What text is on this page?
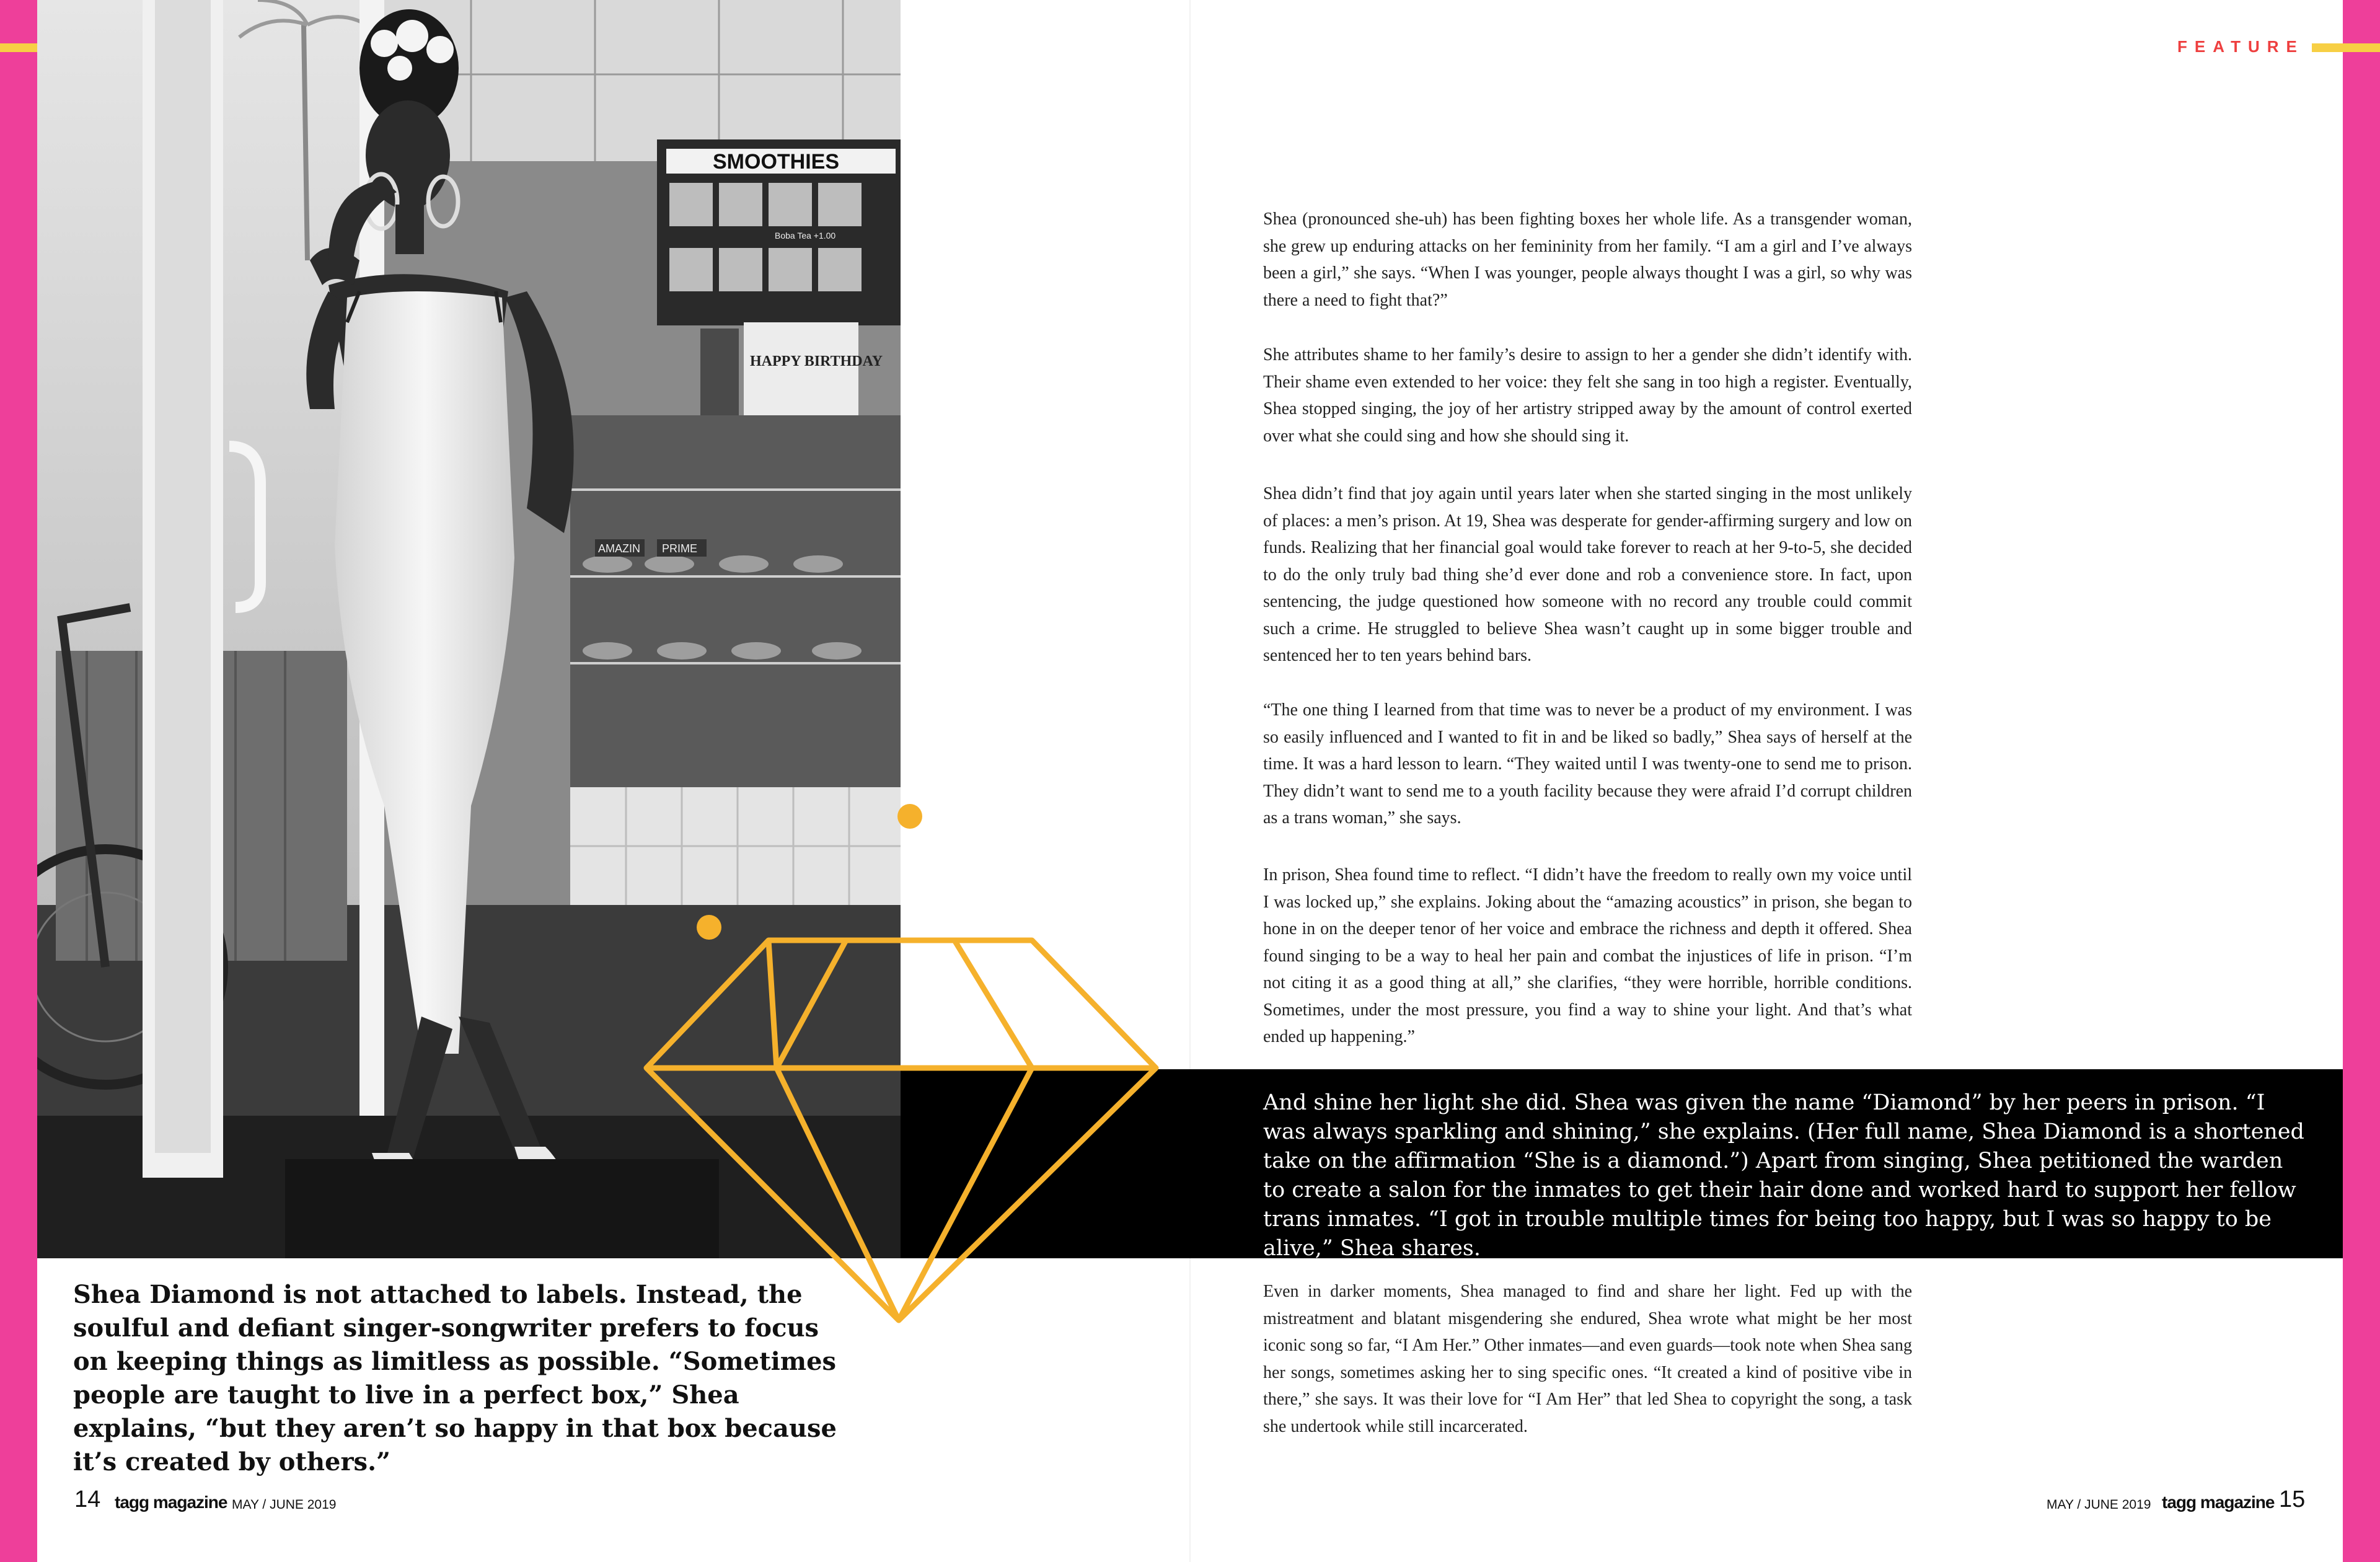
FEATURE
SMOOTHIES
Boba Tea +1.00
HAPPY BIRTHDAY
AMAZIN PRIME
And shine her light she did. Shea was given the name “Diamond” by her peers in prison. “I was always sparkling and shining,” she explains. (Her full name, Shea Diamond is a shortened take on the affirmation “She is a diamond.”) Apart from singing, Shea petitioned the warden to create a salon for the inmates to get their hair done and worked hard to support her fellow trans inmates. “I got in trouble multiple times for being too happy, but I was so happy to be alive,” Shea shares.

Shea Diamond is not attached to labels. Instead, the soulful and defiant singer-songwriter prefers to focus on keeping things as limitless as possible. “Sometimes people are taught to live in a perfect box,” Shea explains, “but they aren’t so happy in that box because it’s created by others.”

Shea (pronounced she-uh) has been fighting boxes her whole life. As a transgender woman, she grew up enduring attacks on her femininity from her family. “I am a girl and I’ve always been a girl,” she says. “When I was younger, people always thought I was a girl, so why was there a need to fight that?”

She attributes shame to her family’s desire to assign to her a gender she didn’t identify with. Their shame even extended to her voice: they felt she sang in too high a register. Eventually, Shea stopped singing, the joy of her artistry stripped away by the amount of control exerted over what she could sing and how she should sing it.

Shea didn’t find that joy again until years later when she started singing in the most unlikely of places: a men’s prison. At 19, Shea was desperate for gender-affirming surgery and low on funds. Realizing that her financial goal would take forever to reach at her 9-to-5, she decided to do the only truly bad thing she’d ever done and rob a convenience store. In fact, upon sentencing, the judge questioned how someone with no record any trouble could commit such a crime. He struggled to believe Shea wasn’t caught up in some bigger trouble and sentenced her to ten years behind bars.

“The one thing I learned from that time was to never be a product of my environment. I was so easily influenced and I wanted to fit in and be liked so badly,” Shea says of herself at the time. It was a hard lesson to learn. “They waited until I was twenty-one to send me to prison. They didn’t want to send me to a youth facility because they were afraid I’d corrupt children as a trans woman,” she says.

In prison, Shea found time to reflect. “I didn’t have the freedom to really own my voice until I was locked up,” she explains. Joking about the “amazing acoustics” in prison, she began to hone in on the deeper tenor of her voice and embrace the richness and depth it offered. Shea found singing to be a way to heal her pain and combat the injustices of life in prison. “I’m not citing it as a good thing at all,” she clarifies, “they were horrible, horrible conditions. Sometimes, under the most pressure, you find a way to shine your light. And that’s what ended up happening.”

Even in darker moments, Shea managed to find and share her light. Fed up with the mistreatment and blatant misgendering she endured, Shea wrote what might be her most iconic song so far, “I Am Her.” Other inmates—and even guards—took note when Shea sang her songs, sometimes asking her to sing specific ones. “It created a kind of positive vibe in there,” she says. It was their love for “I Am Her” that led Shea to copyright the song, a task she undertook while still incarcerated.

14 tagg magazine MAY / JUNE 2019	MAY / JUNE 2019 tagg magazine 15
